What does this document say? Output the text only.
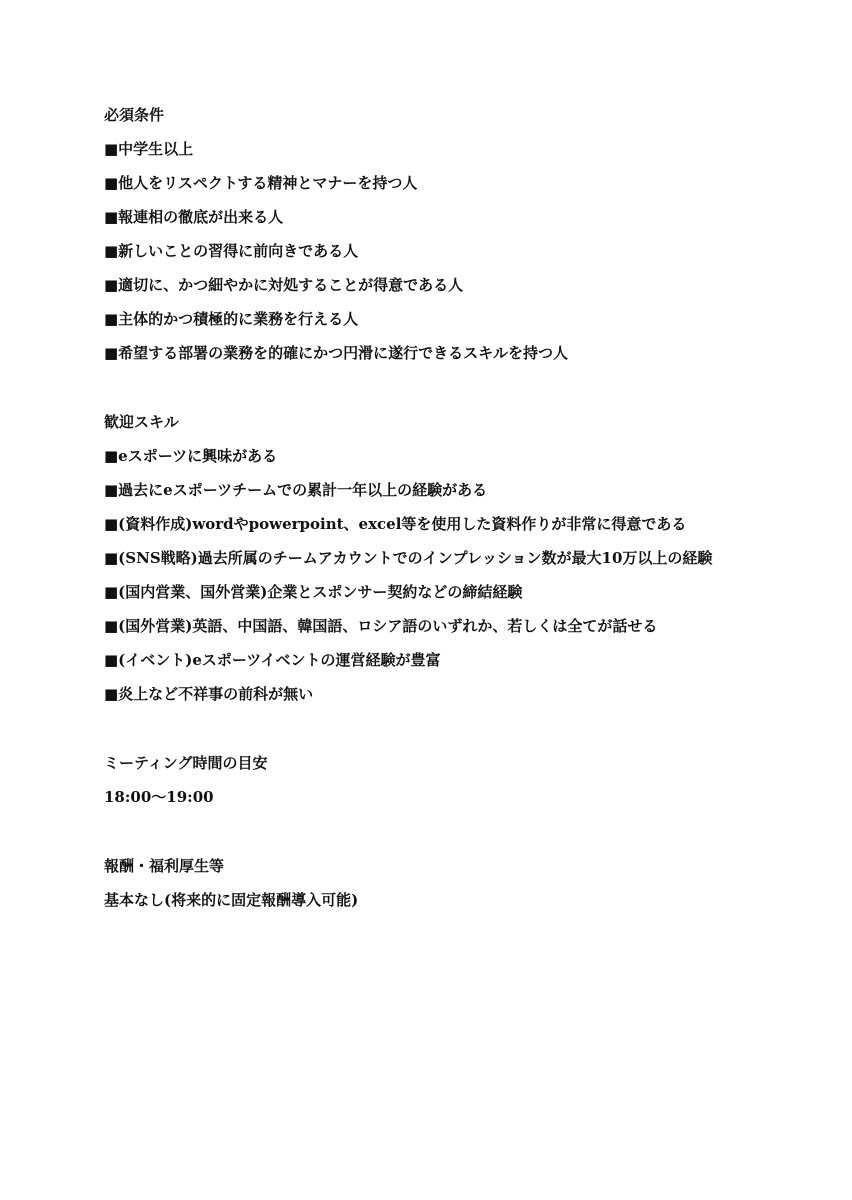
必須条件
■中学生以上
■他人をリスペクトする精神とマナーを持つ人
■報連相の徹底が出来る人
■新しいことの習得に前向きである人
■適切に、かつ細やかに対処することが得意である人
■主体的かつ積極的に業務を行える人
■希望する部署の業務を的確にかつ円滑に遂行できるスキルを持つ人
歓迎スキル
■eスポーツに興味がある
■過去にeスポーツチームでの累計一年以上の経験がある
■(資料作成)wordやpowerpoint、excel等を使用した資料作りが非常に得意である
■(SNS戦略)過去所属のチームアカウントでのインプレッション数が最大10万以上の経験
■(国内営業、国外営業)企業とスポンサー契約などの締結経験
■(国外営業)英語、中国語、韓国語、ロシア語のいずれか、若しくは全てが話せる
■(イベント)eスポーツイベントの運営経験が豊富
■炎上など不祥事の前科が無い
ミーティング時間の目安
18:00〜19:00
報酬・福利厚生等
基本なし(将来的に固定報酬導入可能)
